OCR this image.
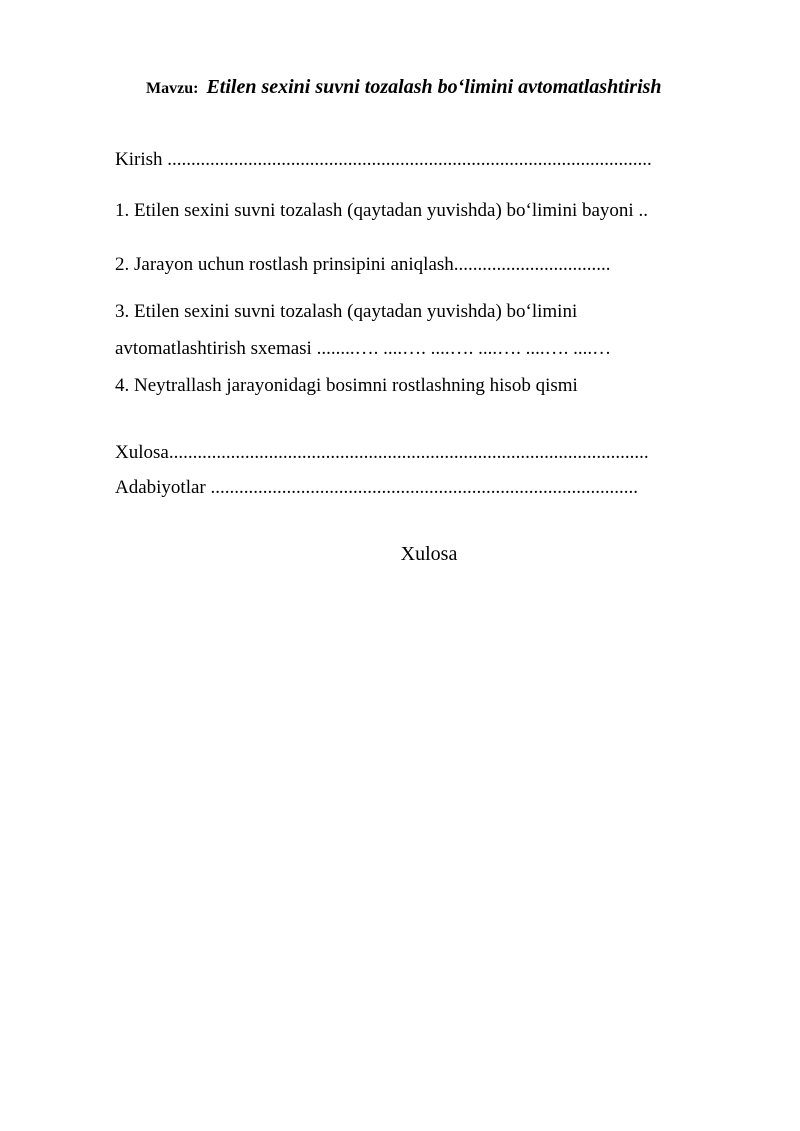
Mavzu: Etilen sexini suvni tozalash bo‘limini avtomatlashtirish
Kirish ......................................................................................................
1. Etilen sexini suvni tozalash (qaytadan yuvishda) bo‘limini bayoni ..
2. Jarayon uchun rostlash prinsipini aniqlash.................................
3. Etilen sexini suvni tozalash (qaytadan yuvishda) bo‘limini
avtomatlashtirish sxemasi ........…. ....…. ....…. ....…. ....…. ....…
4. Neytrallash jarayonidagi bosimni rostlashning hisob qismi
Xulosa.....................................................................................................
Adabiyotlar ..........................................................................................
Xulosa
